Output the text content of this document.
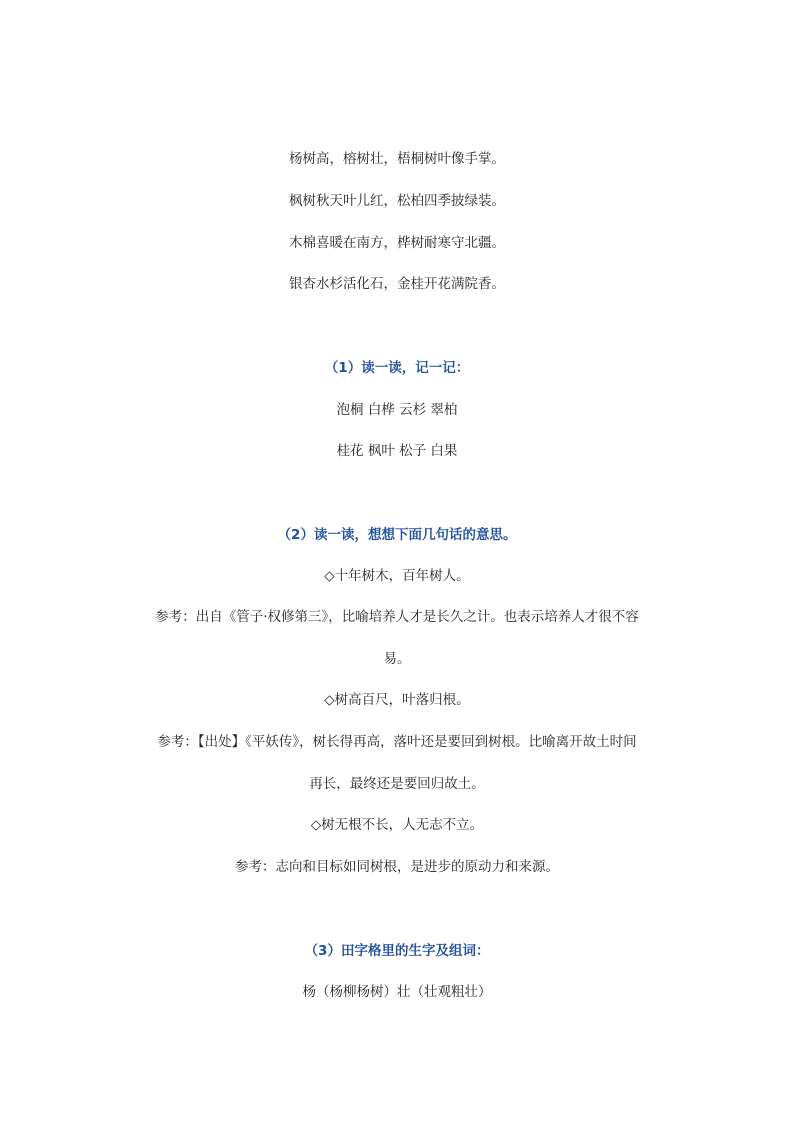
杨树高，榕树壮，梧桐树叶像手掌。
枫树秋天叶儿红，松柏四季披绿装。
木棉喜暖在南方，桦树耐寒守北疆。
银杏水杉活化石，金桂开花满院香。
（1）读一读，记一记：
泡桐 白桦 云杉 翠柏
桂花 枫叶 松子 白果
（2）读一读，想想下面几句话的意思。
◇十年树木，百年树人。
参考：出自《管子·权修第三》，比喻培养人才是长久之计。也表示培养人才很不容
易。
◇树高百尺，叶落归根。
参考：【出处】《平妖传》，树长得再高，落叶还是要回到树根。比喻离开故土时间
再长，最终还是要回归故土。
◇树无根不长，人无志不立。
参考：志向和目标如同树根，是进步的原动力和来源。
（3）田字格里的生字及组词：
杨（杨柳杨树）壮（壮观粗壮）
